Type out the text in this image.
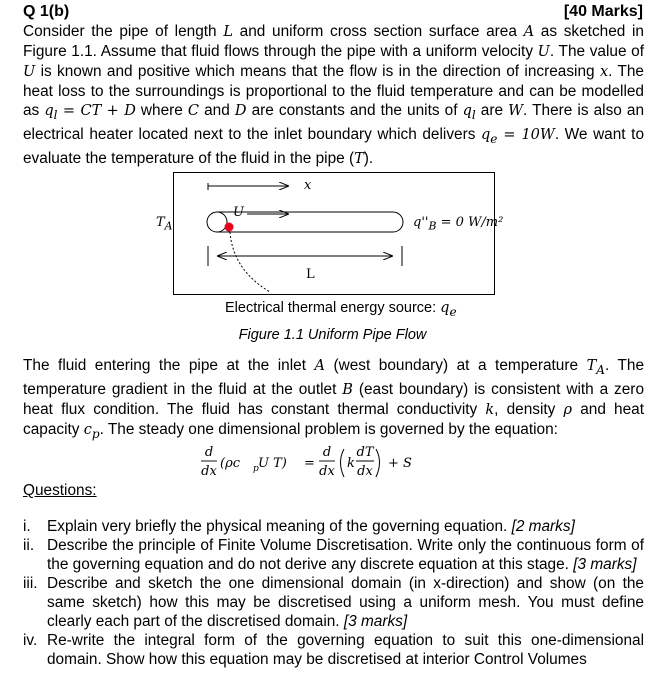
Q 1(b)	[40 Marks]
Consider the pipe of length L and uniform cross section surface area A as sketched in Figure 1.1. Assume that fluid flows through the pipe with a uniform velocity U. The value of U is known and positive which means that the flow is in the direction of increasing x. The heat loss to the surroundings is proportional to the fluid temperature and can be modelled as $q_l$ = CT + D where C and D are constants and the units of $q_l$ are W. There is also an electrical heater located next to the inlet boundary which delivers $q_e = 10W$. We want to evaluate the temperature of the fluid in the pipe (T).
x
$T_A$
U
$q''_B = 0$ W/m²
L
Electrical thermal energy source: $q_e$
Figure 1.1 Uniform Pipe Flow
The fluid entering the pipe at the inlet A (west boundary) at a temperature $T_A$. The temperature gradient in the fluid at the outlet B (east boundary) is consistent with a zero heat flux condition. The fluid has constant thermal conductivity k, density ρ and heat capacity $c_p$. The steady one dimensional problem is governed by the equation:
d
dx
(ρc p U T) =
d
dx
k
dT
dx
+ S
Questions:
i. Explain very briefly the physical meaning of the governing equation. [2 marks]
ii. Describe the principle of Finite Volume Discretisation. Write only the continuous form of the governing equation and do not derive any discrete equation at this stage. [3 marks]
iii. Describe and sketch the one dimensional domain (in x-direction) and show (on the same sketch) how this may be discretised using a uniform mesh. You must define clearly each part of the discretised domain. [3 marks]
iv. Re-write the integral form of the governing equation to suit this one-dimensional domain. Show how this equation may be discretised at interior Control Volumes
